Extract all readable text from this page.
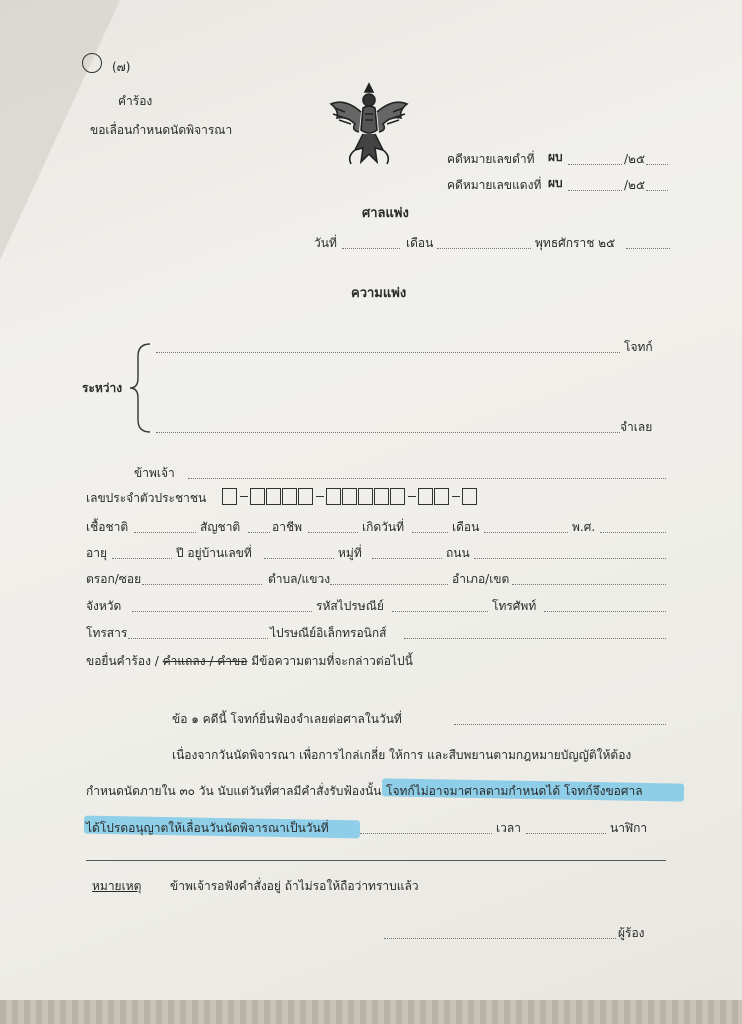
(๗)
คำร้อง
ขอเลื่อนกำหนดนัดพิจารณา
คดีหมายเลขดำที่ ผบ	/๒๕
คดีหมายเลขแดงที่ ผบ	/๒๕
ศาลแพ่ง
วันที่	เดือน	พุทธศักราช ๒๕
ความแพ่ง
ระหว่าง
โจทก์
จำเลย
ข้าพเจ้า
เลขประจำตัวประชาชน
เชื้อชาติ	สัญชาติ	อาชีพ	เกิดวันที่	เดือน	พ.ศ.
อายุ	ปี อยู่บ้านเลขที่	หมู่ที่	ถนน
ตรอก/ซอย	ตำบล/แขวง	อำเภอ/เขต
จังหวัด	รหัสไปรษณีย์	โทรศัพท์
โทรสาร	ไปรษณีย์อิเล็กทรอนิกส์
ขอยื่นคำร้อง / คำแถลง / คำขอ มีข้อความตามที่จะกล่าวต่อไปนี้
ข้อ ๑ คดีนี้ โจทก์ยื่นฟ้องจำเลยต่อศาลในวันที่
เนื่องจากวันนัดพิจารณา เพื่อการไกล่เกลี่ย ให้การ และสืบพยานตามกฎหมายบัญญัติให้ต้อง
กำหนดนัดภายใน ๓๐ วัน นับแต่วันที่ศาลมีคำสั่งรับฟ้องนั้น โจทก์ไม่อาจมาศาลตามกำหนดได้ โจทก์จึงขอศาล
ได้โปรดอนุญาตให้เลื่อนวันนัดพิจารณาเป็นวันที่	เวลา	นาฬิกา
หมายเหตุ ข้าพเจ้ารอฟังคำสั่งอยู่ ถ้าไม่รอให้ถือว่าทราบแล้ว
ผู้ร้อง
